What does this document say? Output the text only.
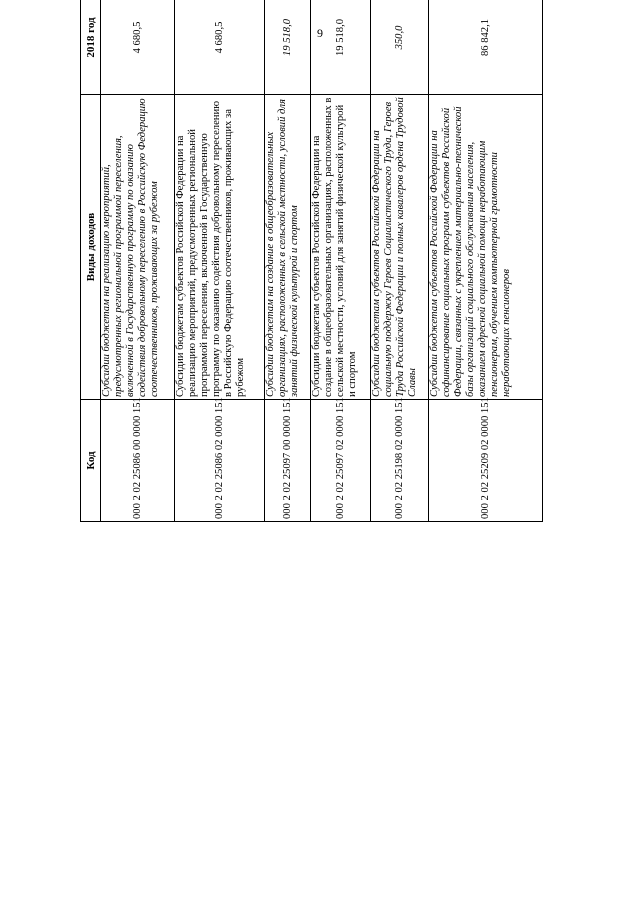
9
Код	Виды доходов	2018 год		
000 2 02 25086 00 0000 151	Субсидии бюджетам на реализацию мероприятий, предусмотренных региональной программой переселения, включенной в Государственную программу по оказанию содействия добровольному переселению в Российскую Федерацию соотечественников, проживающих за рубежом	4 680,5		
000 2 02 25086 02 0000 151	Субсидии бюджетам субъектов Российской Федерации на реализацию мероприятий, предусмотренных региональной программой переселения, включенной в Государственную программу по оказанию содействия добровольному переселению в Российскую Федерацию соотечественников, проживающих за рубежом	4 680,5		
000 2 02 25097 00 0000 151	Субсидии бюджетам на создание в общеобразовательных организациях, расположенных в сельской местности, условий для занятий физической культурой и спортом	19 518,0		
000 2 02 25097 02 0000 151	Субсидии бюджетам субъектов Российской Федерации на создание в общеобразовательных организациях, расположенных в сельской местности, условий для занятий физической культурой и спортом	19 518,0		
000 2 02 25198 02 0000 151	Субсидии бюджетам субъектов Российской Федерации на социальную поддержку Героев Социалистического Труда, Героев Труда Российской Федерации и полных кавалеров ордена Трудовой Славы	350,0		
000 2 02 25209 02 0000 151	Субсидии бюджетам субъектов Российской Федерации на софинансирование социальных программ субъектов Российской Федерации, связанных с укреплением материально-технической базы организаций социального обслуживания населения, оказанием адресной социальной помощи неработающим пенсионерам, обучением компьютерной грамотности неработающих пенсионеров	86 842,1		
